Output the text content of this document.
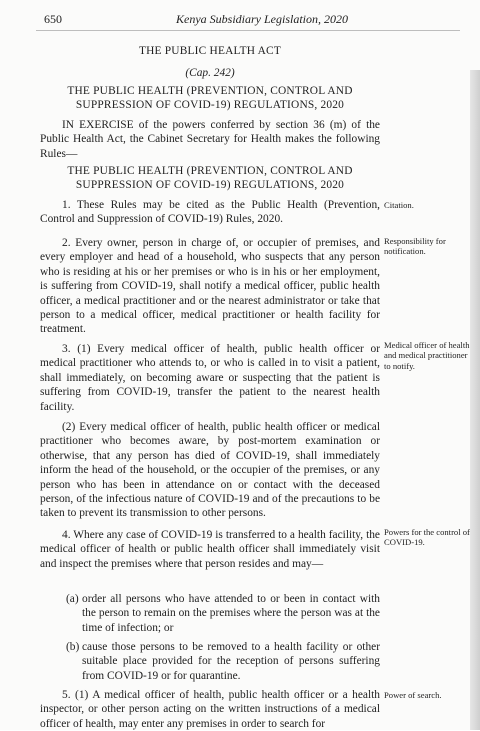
650	Kenya Subsidiary Legislation, 2020
THE PUBLIC HEALTH ACT
(Cap. 242)
THE PUBLIC HEALTH (PREVENTION, CONTROL AND
SUPPRESSION OF COVID-19) REGULATIONS, 2020
IN EXERCISE of the powers conferred by section 36 (m) of the Public Health Act, the Cabinet Secretary for Health makes the following Rules—
THE PUBLIC HEALTH (PREVENTION, CONTROL AND
SUPPRESSION OF COVID-19) REGULATIONS, 2020
1. These Rules may be cited as the Public Health (Prevention, Control and Suppression of COVID-19) Rules, 2020.
Citation.
2. Every owner, person in charge of, or occupier of premises, and every employer and head of a household, who suspects that any person who is residing at his or her premises or who is in his or her employment, is suffering from COVID-19, shall notify a medical officer, public health officer, a medical practitioner and or the nearest administrator or take that person to a medical officer, medical practitioner or health facility for treatment.
Responsibility for notification.
3. (1) Every medical officer of health, public health officer or medical practitioner who attends to, or who is called in to visit a patient, shall immediately, on becoming aware or suspecting that the patient is suffering from COVID-19, transfer the patient to the nearest health facility.
Medical officer of health and medical practitioner to notify.
(2) Every medical officer of health, public health officer or medical practitioner who becomes aware, by post-mortem examination or otherwise, that any person has died of COVID-19, shall immediately inform the head of the household, or the occupier of the premises, or any person who has been in attendance on or contact with the deceased person, of the infectious nature of COVID-19 and of the precautions to be taken to prevent its transmission to other persons.
4. Where any case of COVID-19 is transferred to a health facility, the medical officer of health or public health officer shall immediately visit and inspect the premises where that person resides and may—
Powers for the control of COVID-19.
(a) order all persons who have attended to or been in contact with the person to remain on the premises where the person was at the time of infection; or
(b) cause those persons to be removed to a health facility or other suitable place provided for the reception of persons suffering from COVID-19 or for quarantine.
5. (1) A medical officer of health, public health officer or a health inspector, or other person acting on the written instructions of a medical officer of health, may enter any premises in order to search for
Power of search.
